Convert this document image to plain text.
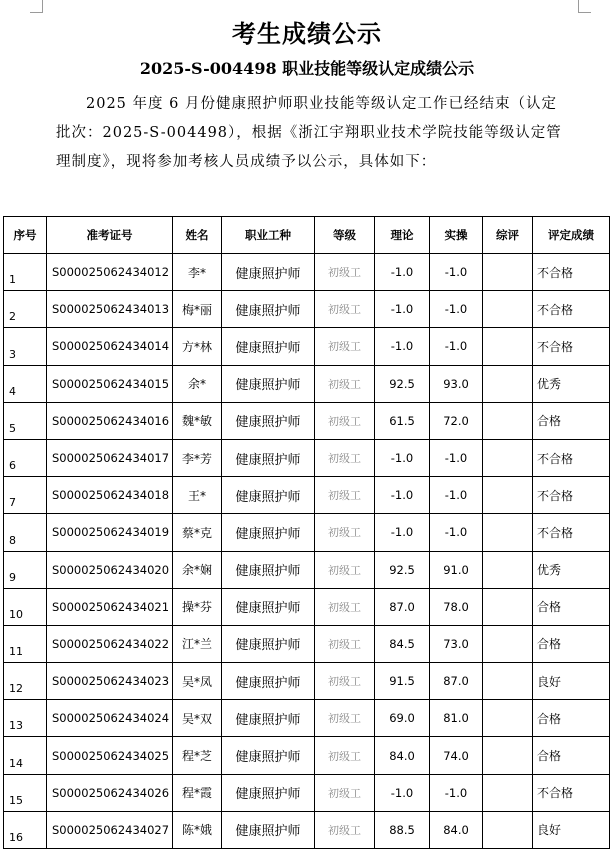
考生成绩公示
2025-S-004498 职业技能等级认定成绩公示

2025 年度 6 月份健康照护师职业技能等级认定工作已经结束（认定批次：2025-S-004498），根据《浙江宇翔职业技术学院技能等级认定管理制度》，现将参加考核人员成绩予以公示，具体如下：

序号	准考证号	姓名	职业工种	等级	理论	实操	综评	评定成绩
1	S000025062434012	李*	健康照护师	初级工	-1.0	-1.0		不合格
2	S000025062434013	梅*丽	健康照护师	初级工	-1.0	-1.0		不合格
3	S000025062434014	方*林	健康照护师	初级工	-1.0	-1.0		不合格
4	S000025062434015	余*	健康照护师	初级工	92.5	93.0		优秀
5	S000025062434016	魏*敏	健康照护师	初级工	61.5	72.0		合格
6	S000025062434017	李*芳	健康照护师	初级工	-1.0	-1.0		不合格
7	S000025062434018	王*	健康照护师	初级工	-1.0	-1.0		不合格
8	S000025062434019	蔡*克	健康照护师	初级工	-1.0	-1.0		不合格
9	S000025062434020	余*娴	健康照护师	初级工	92.5	91.0		优秀
10	S000025062434021	操*芬	健康照护师	初级工	87.0	78.0		合格
11	S000025062434022	江*兰	健康照护师	初级工	84.5	73.0		合格
12	S000025062434023	吴*凤	健康照护师	初级工	91.5	87.0		良好
13	S000025062434024	吴*双	健康照护师	初级工	69.0	81.0		合格
14	S000025062434025	程*芝	健康照护师	初级工	84.0	74.0		合格
15	S000025062434026	程*霞	健康照护师	初级工	-1.0	-1.0		不合格
16	S000025062434027	陈*娥	健康照护师	初级工	88.5	84.0		良好
